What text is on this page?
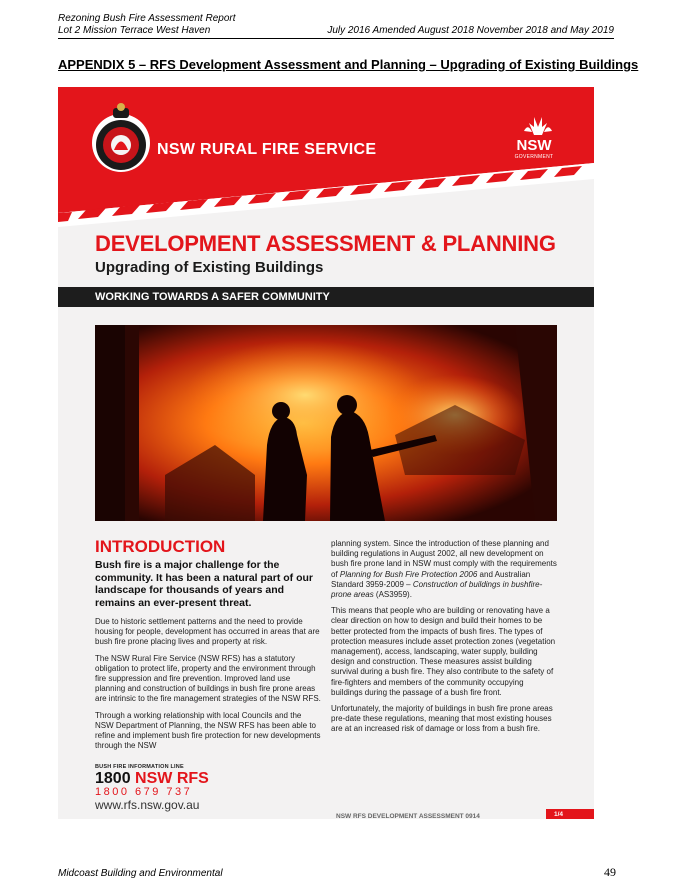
Rezoning Bush Fire Assessment Report
Lot 2 Mission Terrace West Haven	July 2016 Amended August 2018 November 2018 and May 2019
APPENDIX 5 – RFS Development Assessment and Planning – Upgrading of Existing Buildings
NSW RURAL FIRE SERVICE	NSW
GOVERNMENT
DEVELOPMENT ASSESSMENT & PLANNING
Upgrading of Existing Buildings
WORKING TOWARDS A SAFER COMMUNITY
INTRODUCTION

Bush fire is a major challenge for the community. It has been a natural part of our landscape for thousands of years and remains an ever-present threat.

Due to historic settlement patterns and the need to provide housing for people, development has occurred in areas that are bush fire prone placing lives and property at risk.

The NSW Rural Fire Service (NSW RFS) has a statutory obligation to protect life, property and the environment through fire suppression and fire prevention. Improved land use planning and construction of buildings in bush fire prone areas are intrinsic to the fire management strategies of the NSW RFS.

Through a working relationship with local Councils and the NSW Department of Planning, the NSW RFS has been able to refine and implement bush fire protection for new developments through the NSW

planning system. Since the introduction of these planning and building regulations in August 2002, all new development on bush fire prone land in NSW must comply with the requirements of Planning for Bush Fire Protection 2006 and Australian Standard 3959-2009 – Construction of buildings in bushfire-prone areas (AS3959).

This means that people who are building or renovating have a clear direction on how to design and build their homes to be better protected from the impacts of bush fires. The types of protection measures include asset protection zones (vegetation management), access, landscaping, water supply, building design and construction. These measures assist building survival during a bush fire. They also contribute to the safety of fire-fighters and members of the community occupying buildings during the passage of a bush fire front.

Unfortunately, the majority of buildings in bush fire prone areas pre-date these regulations, meaning that most existing houses are at an increased risk of damage or loss from a bush fire.

BUSH FIRE INFORMATION LINE
1800 NSW RFS
1800 679 737
www.rfs.nsw.gov.au
NSW RFS DEVELOPMENT ASSESSMENT 0914	1/4
Midcoast Building and Environmental	49
